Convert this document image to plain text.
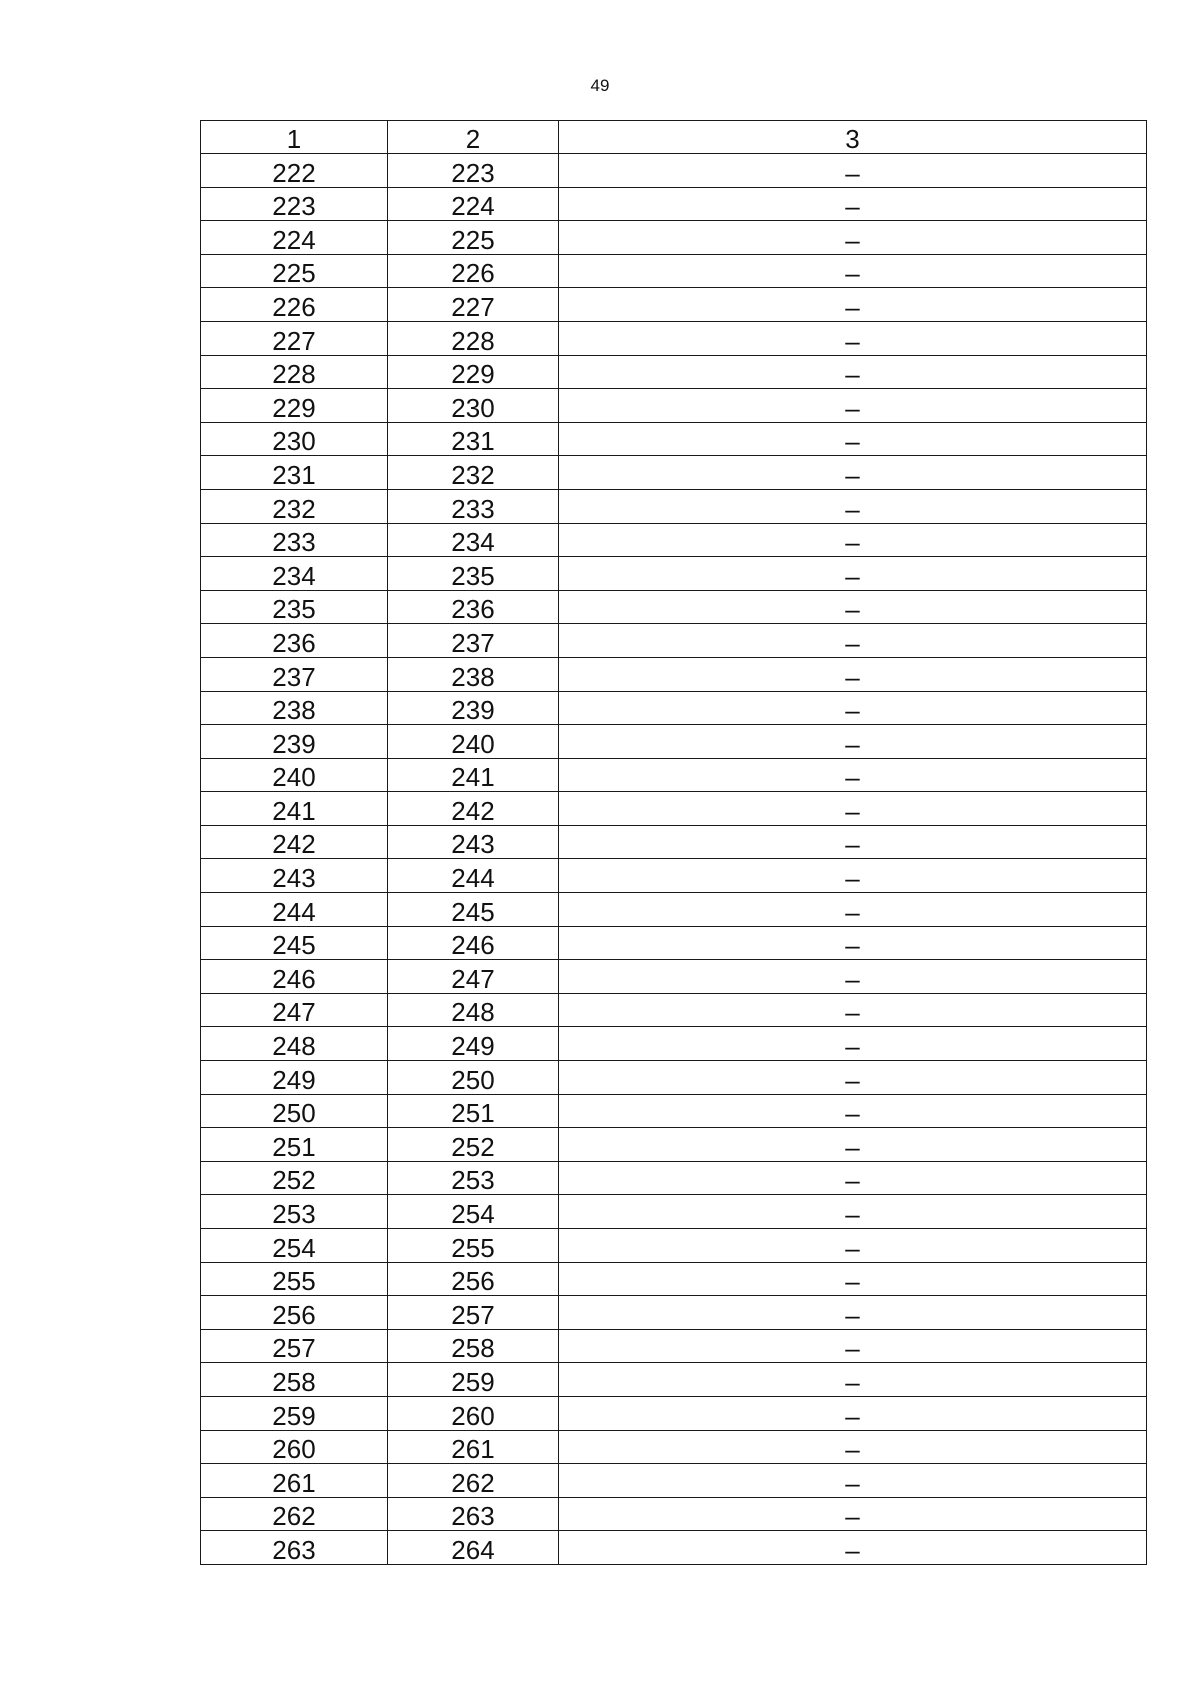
49
1	2	3
222	223	–
223	224	–
224	225	–
225	226	–
226	227	–
227	228	–
228	229	–
229	230	–
230	231	–
231	232	–
232	233	–
233	234	–
234	235	–
235	236	–
236	237	–
237	238	–
238	239	–
239	240	–
240	241	–
241	242	–
242	243	–
243	244	–
244	245	–
245	246	–
246	247	–
247	248	–
248	249	–
249	250	–
250	251	–
251	252	–
252	253	–
253	254	–
254	255	–
255	256	–
256	257	–
257	258	–
258	259	–
259	260	–
260	261	–
261	262	–
262	263	–
263	264	–
